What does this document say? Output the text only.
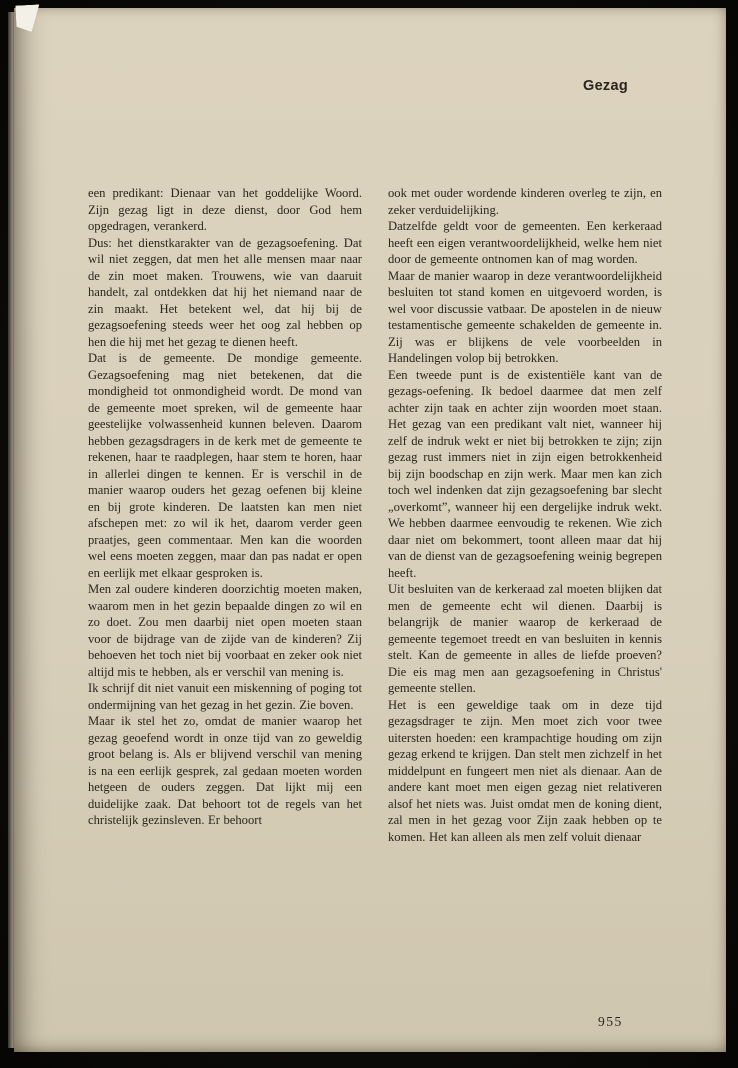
Gezag

een predikant: Dienaar van het goddelijke Woord. Zijn gezag ligt in deze dienst, door God hem opgedragen, verankerd.

Dus: het dienstkarakter van de gezagsoefening. Dat wil niet zeggen, dat men het alle mensen maar naar de zin moet maken. Trouwens, wie van daaruit handelt, zal ontdekken dat hij het niemand naar de zin maakt. Het betekent wel, dat hij bij de gezagsoefening steeds weer het oog zal hebben op hen die hij met het gezag te dienen heeft.

Dat is de gemeente. De mondige gemeente. Gezagsoefening mag niet betekenen, dat die mondigheid tot onmondigheid wordt. De mond van de gemeente moet spreken, wil de gemeente haar geestelijke volwassenheid kunnen beleven. Daarom hebben gezagsdragers in de kerk met de gemeente te rekenen, haar te raadplegen, haar stem te horen, haar in allerlei dingen te kennen. Er is verschil in de manier waarop ouders het gezag oefenen bij kleine en bij grote kinderen. De laatsten kan men niet afschepen met: zo wil ik het, daarom verder geen praatjes, geen commentaar. Men kan die woorden wel eens moeten zeggen, maar dan pas nadat er open en eerlijk met elkaar gesproken is.

Men zal oudere kinderen doorzichtig moeten maken, waarom men in het gezin bepaalde dingen zo wil en zo doet. Zou men daarbij niet open moeten staan voor de bijdrage van de zijde van de kinderen? Zij behoeven het toch niet bij voorbaat en zeker ook niet altijd mis te hebben, als er verschil van mening is.

Ik schrijf dit niet vanuit een miskenning of poging tot ondermijning van het gezag in het gezin. Zie boven.

Maar ik stel het zo, omdat de manier waarop het gezag geoefend wordt in onze tijd van zo geweldig groot belang is. Als er blijvend verschil van mening is na een eerlijk gesprek, zal gedaan moeten worden hetgeen de ouders zeggen. Dat lijkt mij een duidelijke zaak. Dat behoort tot de regels van het christelijk gezinsleven. Er behoort

ook met ouder wordende kinderen overleg te zijn, en zeker verduidelijking.

Datzelfde geldt voor de gemeenten. Een kerkeraad heeft een eigen verantwoordelijkheid, welke hem niet door de gemeente ontnomen kan of mag worden.

Maar de manier waarop in deze verantwoordelijkheid besluiten tot stand komen en uitgevoerd worden, is wel voor discussie vatbaar. De apostelen in de nieuw testamentische gemeente schakelden de gemeente in. Zij was er blijkens de vele voorbeelden in Handelingen volop bij betrokken.

Een tweede punt is de existentiële kant van de gezags-oefening. Ik bedoel daarmee dat men zelf achter zijn taak en achter zijn woorden moet staan. Het gezag van een predikant valt niet, wanneer hij zelf de indruk wekt er niet bij betrokken te zijn; zijn gezag rust immers niet in zijn eigen betrokkenheid bij zijn boodschap en zijn werk. Maar men kan zich toch wel indenken dat zijn gezagsoefening bar slecht „overkomt”, wanneer hij een dergelijke indruk wekt. We hebben daarmee eenvoudig te rekenen. Wie zich daar niet om bekommert, toont alleen maar dat hij van de dienst van de gezagsoefening weinig begrepen heeft.

Uit besluiten van de kerkeraad zal moeten blijken dat men de gemeente echt wil dienen. Daarbij is belangrijk de manier waarop de kerkeraad de gemeente tegemoet treedt en van besluiten in kennis stelt. Kan de gemeente in alles de liefde proeven? Die eis mag men aan gezagsoefening in Christus' gemeente stellen.

Het is een geweldige taak om in deze tijd gezagsdrager te zijn. Men moet zich voor twee uitersten hoeden: een krampachtige houding om zijn gezag erkend te krijgen. Dan stelt men zichzelf in het middelpunt en fungeert men niet als dienaar. Aan de andere kant moet men eigen gezag niet relativeren alsof het niets was. Juist omdat men de koning dient, zal men in het gezag voor Zijn zaak hebben op te komen. Het kan alleen als men zelf voluit dienaar

955
